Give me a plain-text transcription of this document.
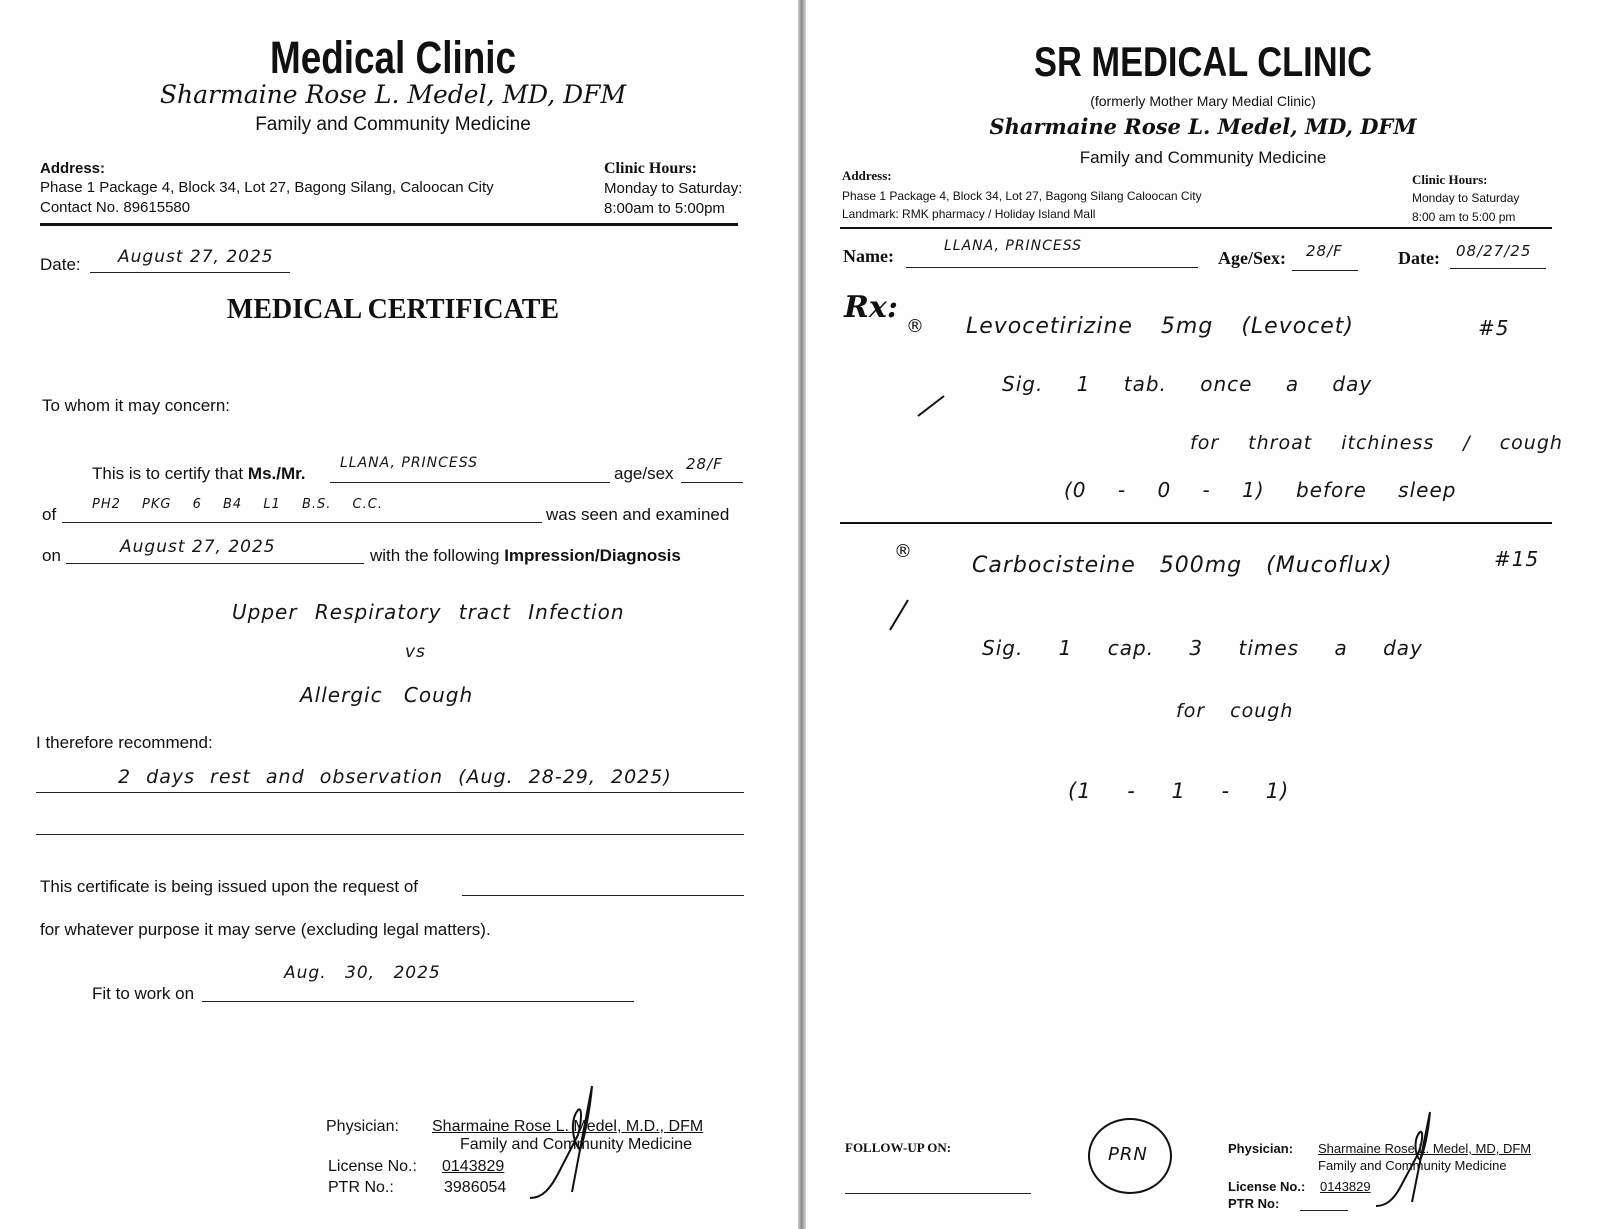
Medical Clinic
Sharmaine Rose L. Medel, MD, DFM
Family and Community Medicine
Address:
Phase 1 Package 4, Block 34, Lot 27, Bagong Silang, Caloocan City
Contact No. 89615580
Clinic Hours:
Monday to Saturday:
8:00am to 5:00pm
Date: August 27, 2025
MEDICAL CERTIFICATE
To whom it may concern:
This is to certify that Ms./Mr.
LLANA, PRINCESS
age/sex 28/F
of
PH2 PKG 6 B4 L1 B.S. C.C.
was seen and examined
on	August 27, 2025	with the following Impression/Diagnosis
Upper Respiratory tract Infection
vs
Allergic Cough
I therefore recommend:
2 days rest and observation (Aug. 28-29, 2025)
This certificate is being issued upon the request of
for whatever purpose it may serve (excluding legal matters).
Fit to work on
Aug. 30, 2025
Physician: Sharmaine Rose L. Medel, M.D., DFM
Family and Community Medicine
License No.: 0143829
PTR No.:	3986054
SR MEDICAL CLINIC
(formerly Mother Mary Medial Clinic)
Sharmaine Rose L. Medel, MD, DFM
Family and Community Medicine
Address:
Phase 1 Package 4, Block 34, Lot 27, Bagong Silang Caloocan City
Landmark: RMK pharmacy / Holiday Island Mall
Clinic Hours:
Monday to Saturday
8:00 am to 5:00 pm
Name:	LLANA, PRINCESS
Age/Sex: 28/F	Date: 08/27/25
Rx:
® Levocetirizine 5mg (Levocet)	#5
Sig. 1 tab. once a day
for throat itchiness / cough
(0 - 0 - 1) before sleep
®
Carbocisteine 500mg (Mucoflux)	#15
Sig. 1 cap. 3 times a day
for cough
(1 - 1 - 1)
FOLLOW-UP ON:	PRN	Physician: Sharmaine Rose L. Medel, MD, DFM
Family and Community Medicine
License No.: 0143829
PTR No:
